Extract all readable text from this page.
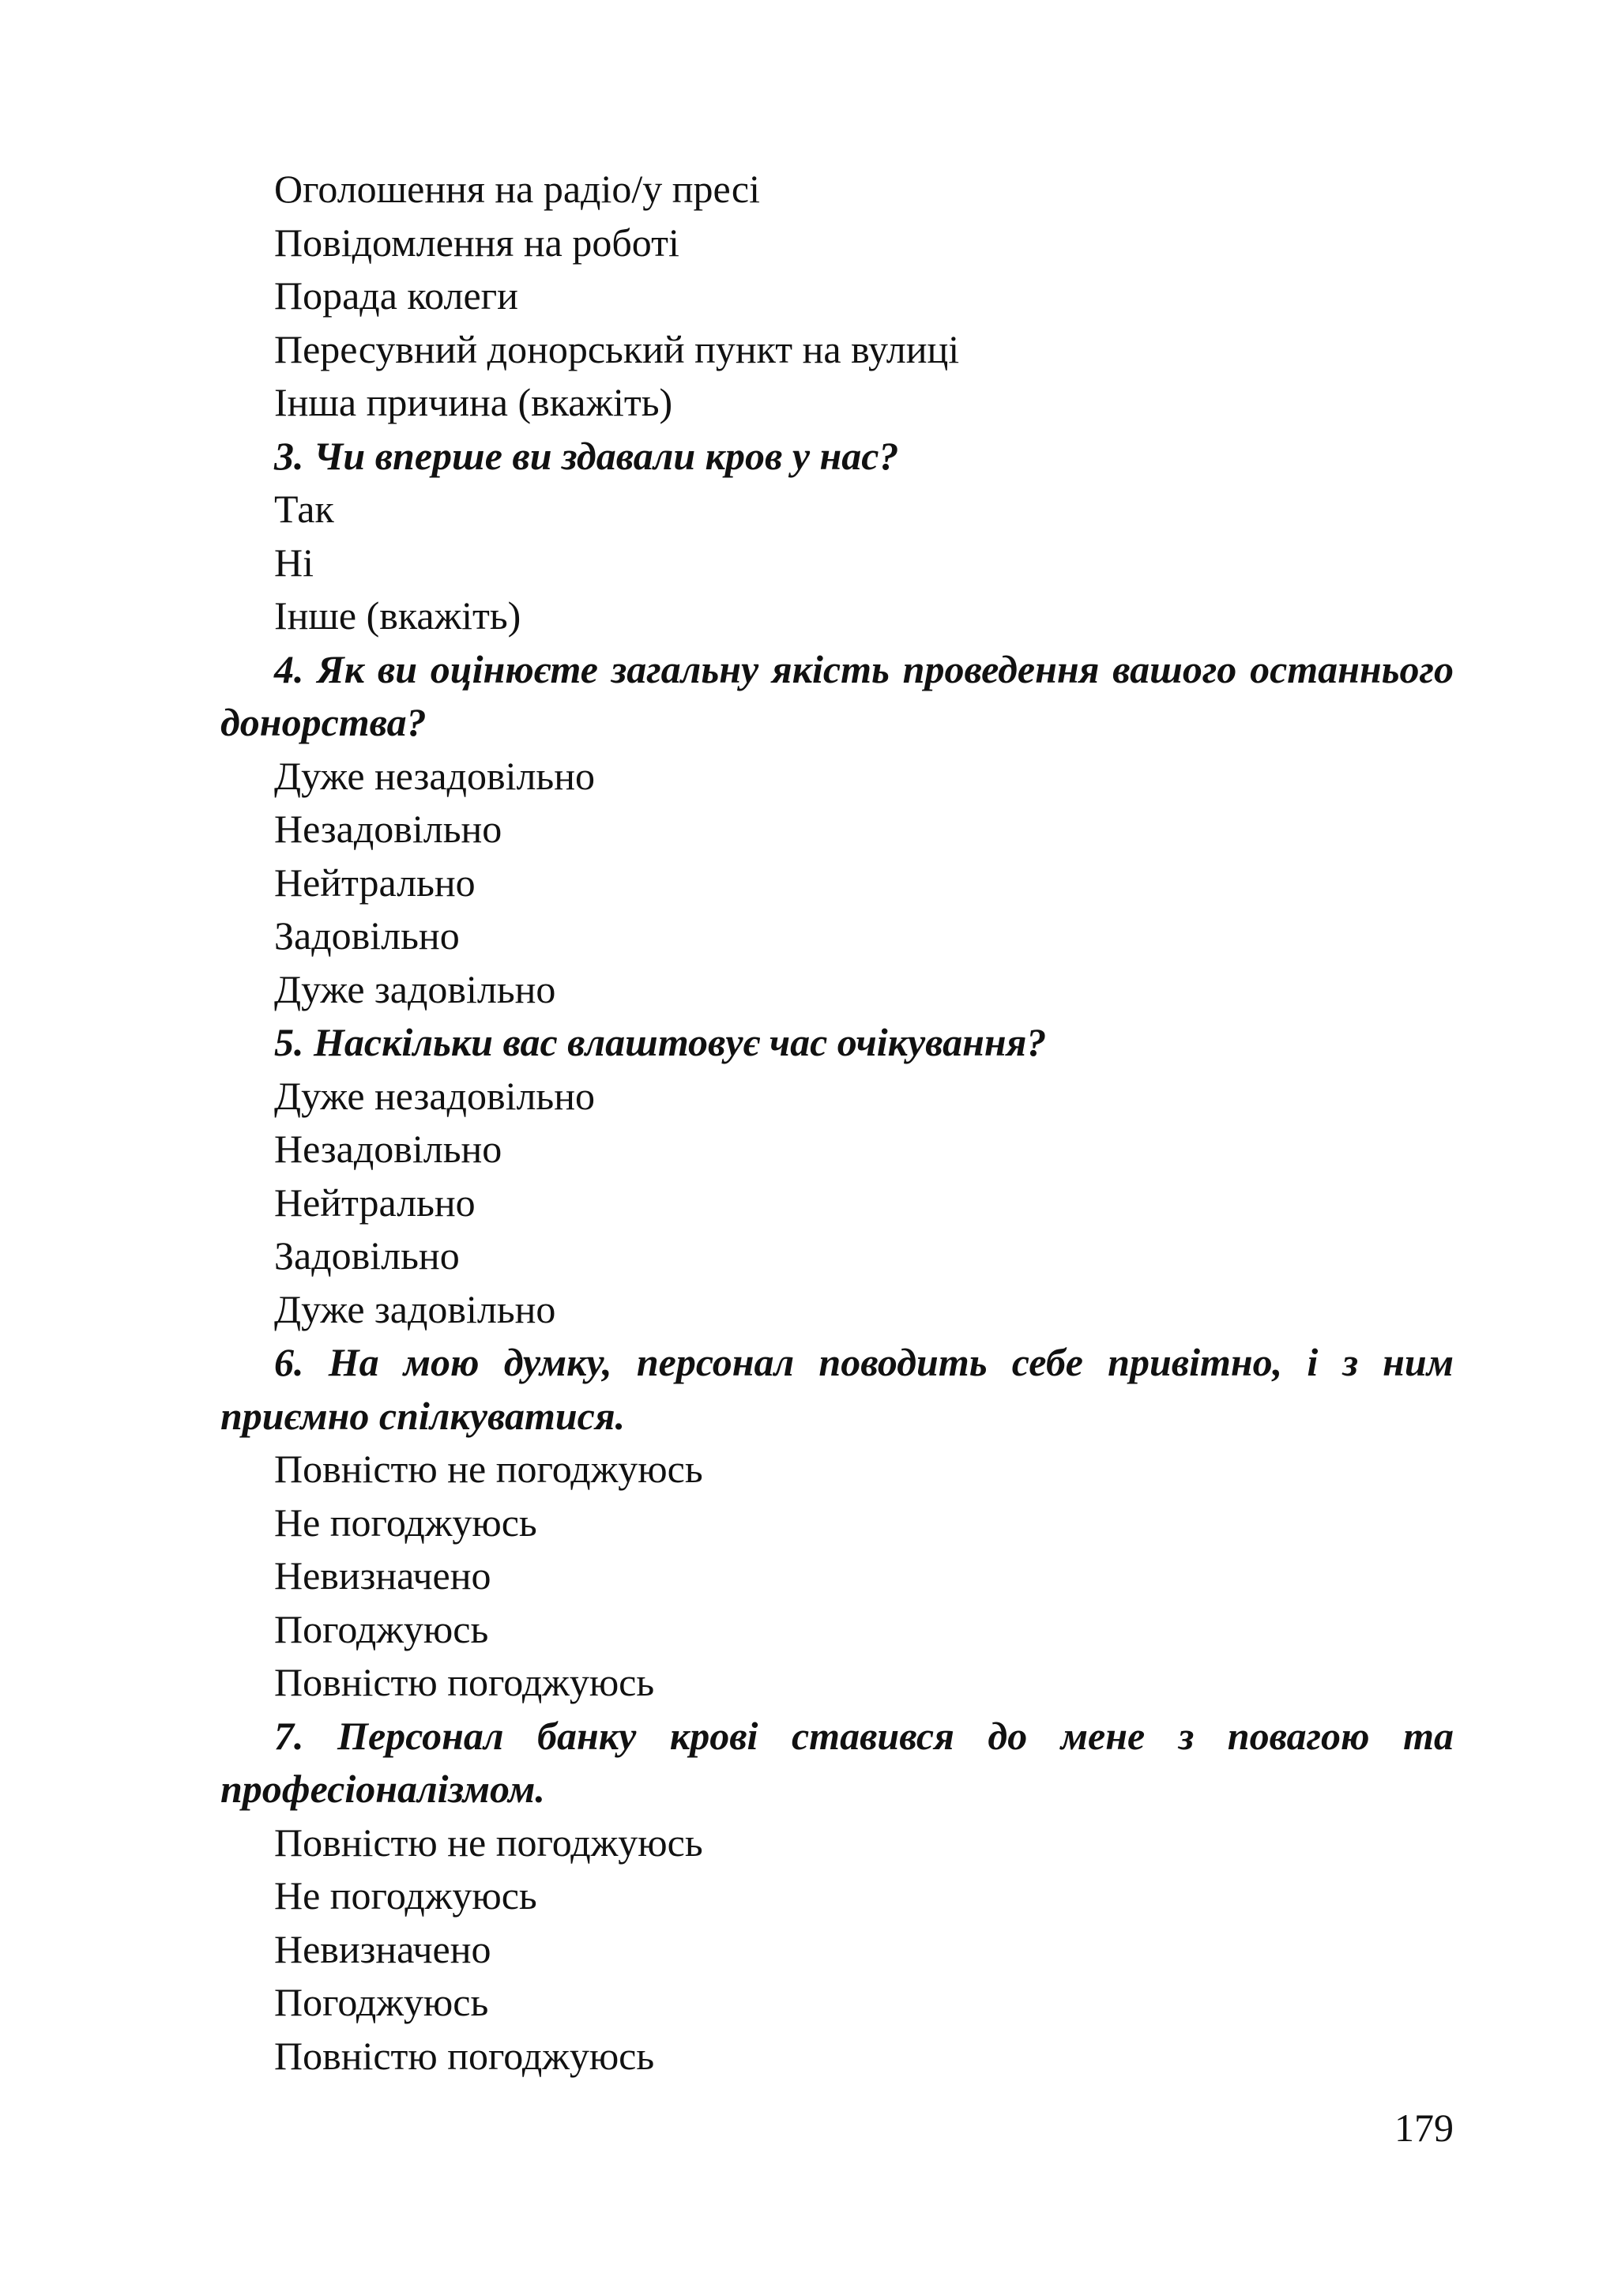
Оголошення на радіо/у пресі
Повідомлення на роботі
Порада колеги
Пересувний донорський пункт на вулиці
Інша причина (вкажіть)
3. Чи вперше ви здавали кров у нас?
Так
Ні
Інше (вкажіть)
4. Як ви оцінюєте загальну якість проведення вашого останнього донорства?
Дуже незадовільно
Незадовільно
Нейтрально
Задовільно
Дуже задовільно
5. Наскільки вас влаштовує час очікування?
Дуже незадовільно
Незадовільно
Нейтрально
Задовільно
Дуже задовільно
6. На мою думку, персонал поводить себе привітно, і з ним приємно спілкуватися.
Повністю не погоджуюсь
Не погоджуюсь
Невизначено
Погоджуюсь
Повністю погоджуюсь
7. Персонал банку крові ставився до мене з повагою та професіоналізмом.
Повністю не погоджуюсь
Не погоджуюсь
Невизначено
Погоджуюсь
Повністю погоджуюсь
179
